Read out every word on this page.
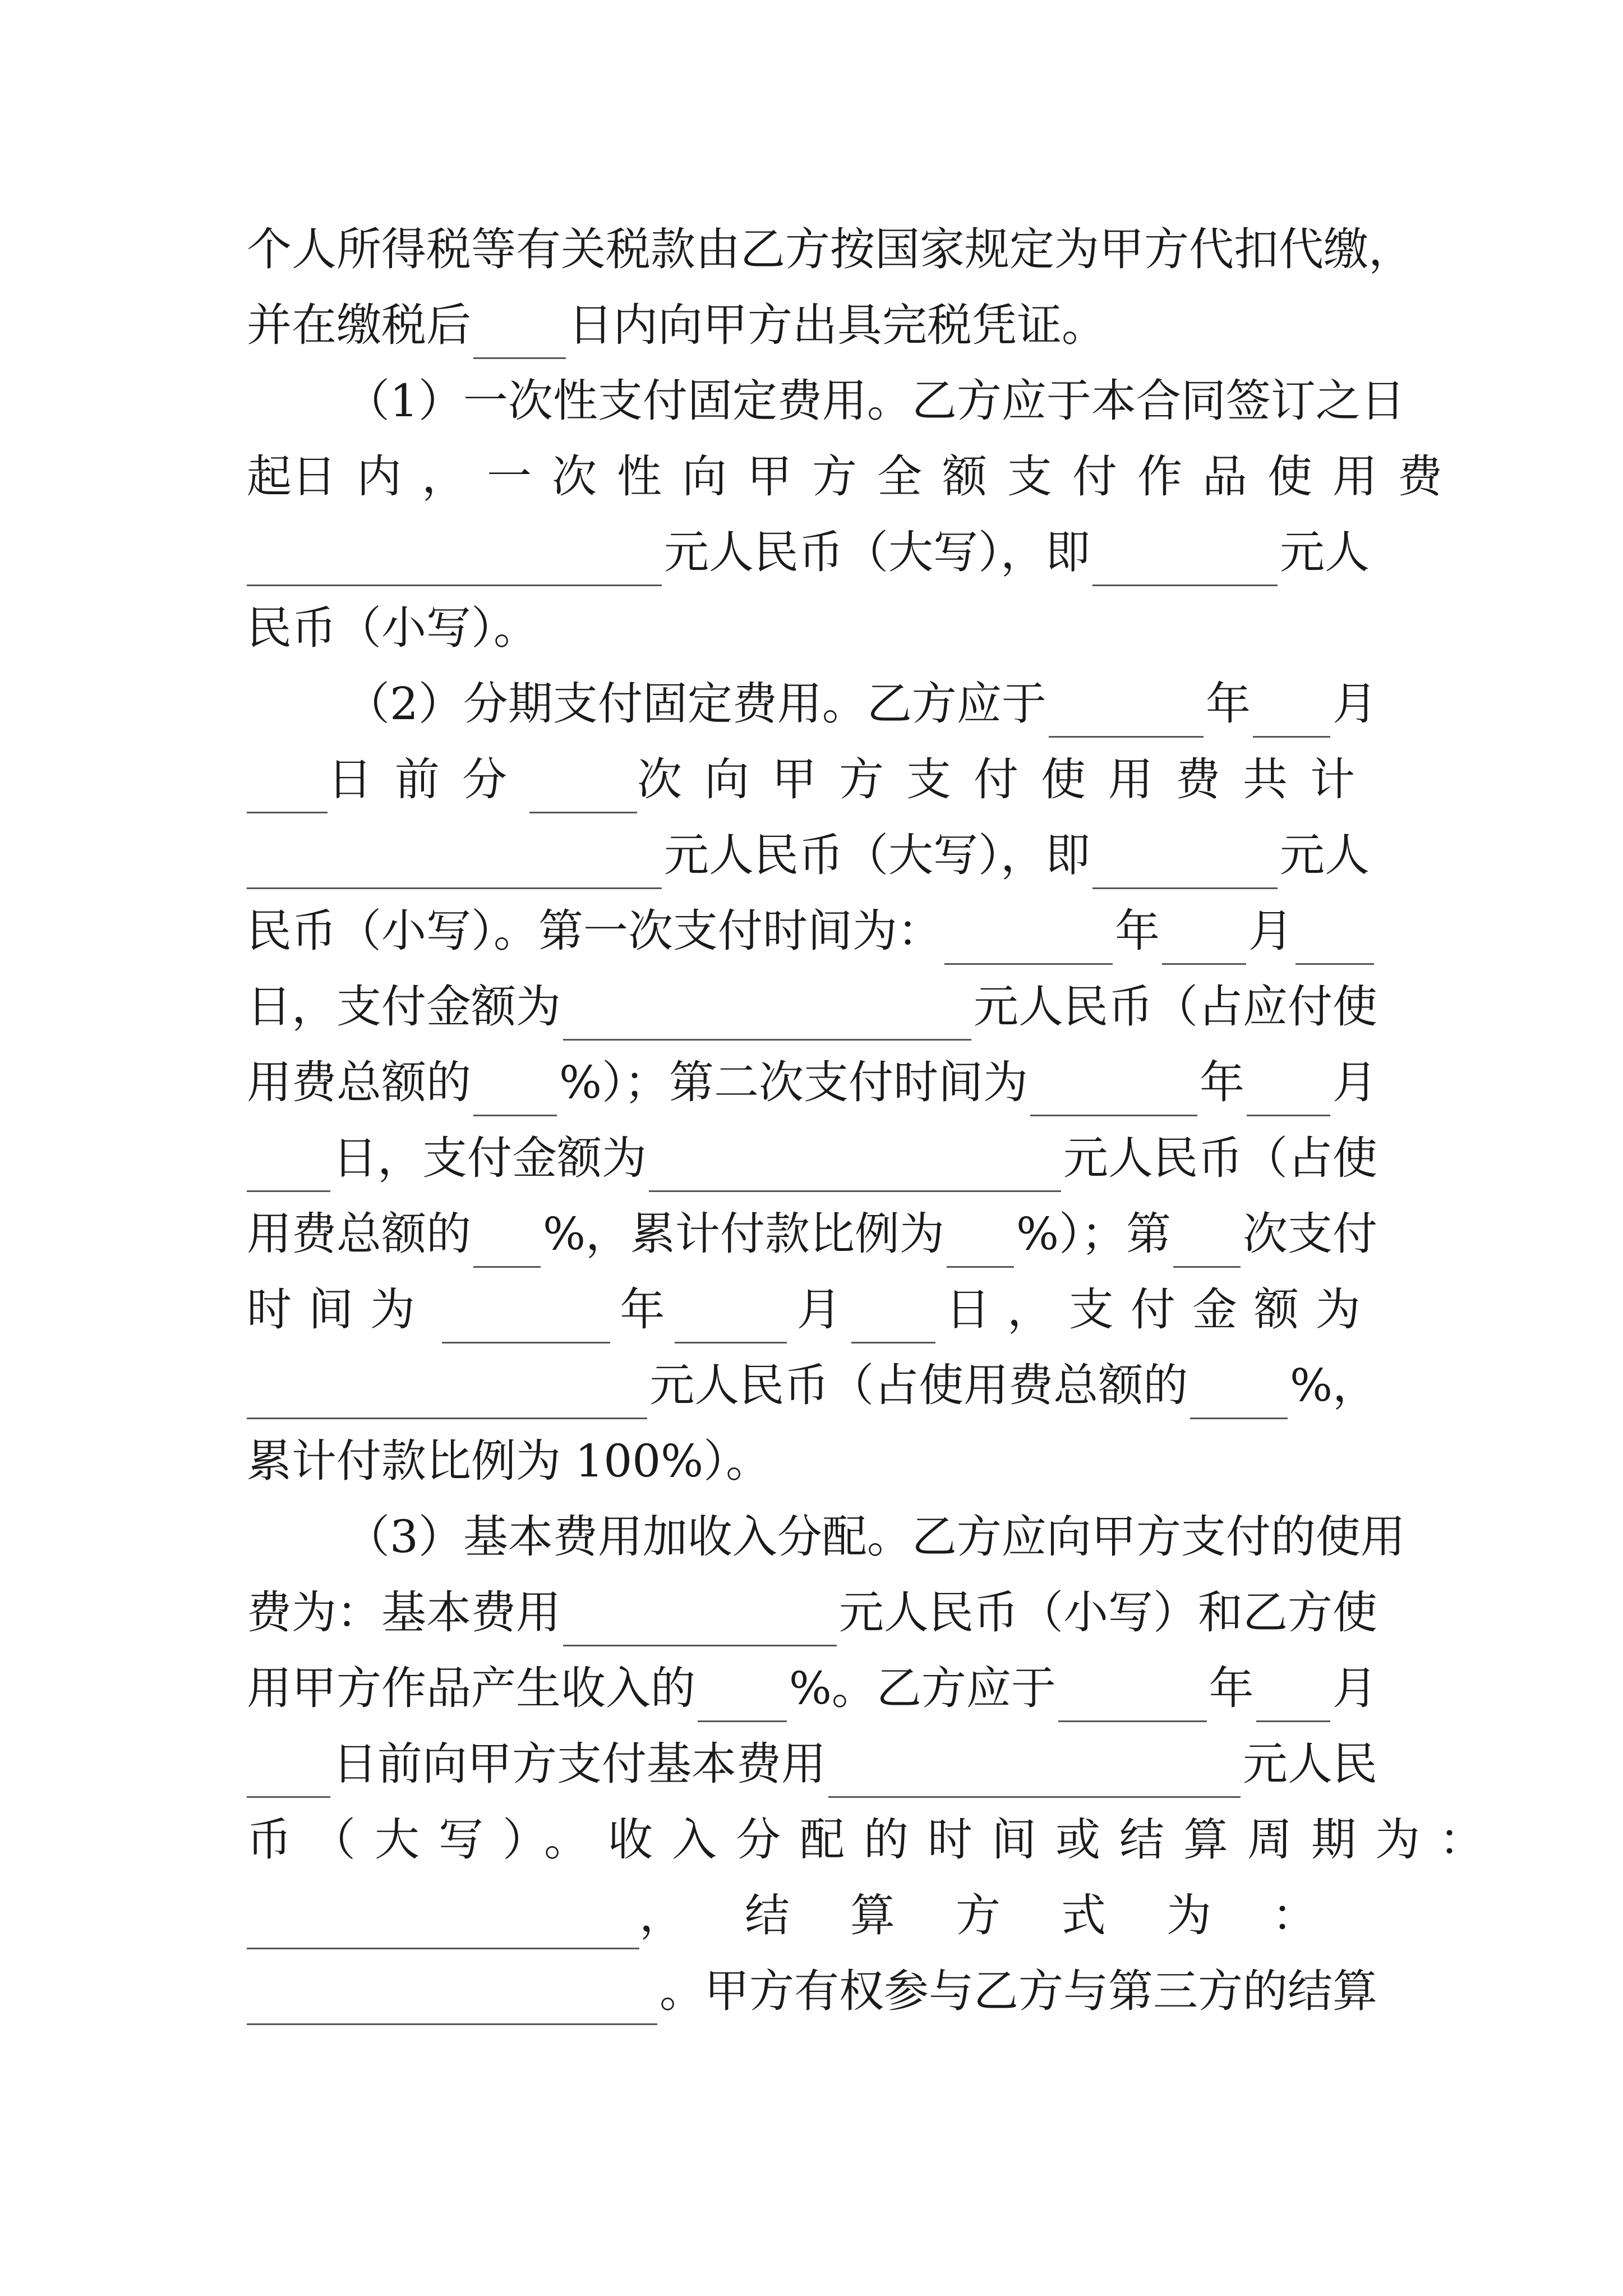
个人所得税等有关税款由乙方按国家规定为甲方代扣代缴，
并在缴税后 日内向甲方出具完税凭证。
（1）一次性支付固定费用。乙方应于本合同签订之日
起 日内，一次性向甲方全额支付作品使用费
元人民币（大写），即	元人
民币（小写）。
（2）分期支付固定费用。乙方应于	年 月
日前分 次向甲方支付使用费共计
元人民币（大写），即	元人
民币（小写）。第一次支付时间为：	年 月
日，支付金额为	元人民币（占应付使
用费总额的 %）；第二次支付时间为	年 月
日，支付金额为	元人民币（占使
用费总额的 %，累计付款比例为 %）；第 次支付
时间为	年	月 日，支付金额为
元人民币（占使用费总额的 %，
累计付款比例为 100%）。
（3）基本费用加收入分配。乙方应向甲方支付的使用
费为：基本费用	元人民币（小写）和乙方使
用甲方作品产生收入的 %。乙方应于	年 月
日前向甲方支付基本费用	元人民
币（大写）。收入分配的时间或结算周期为：
，结算方式为：
。甲方有权参与乙方与第三方的结算
